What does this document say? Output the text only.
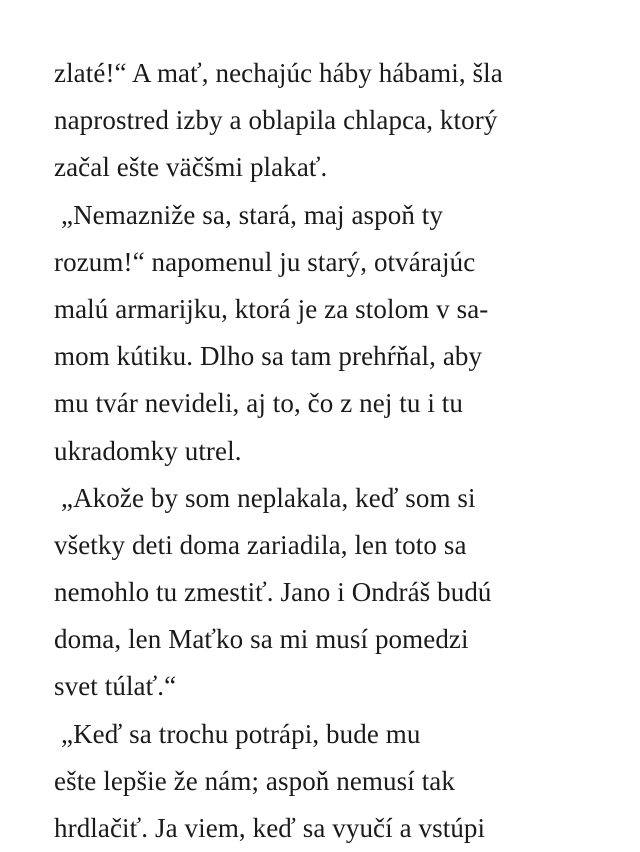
zlaté!“ A mať, nechajúc háby hábami, šla
naprostred izby a oblapila chlapca, ktorý
začal ešte väčšmi plakať.
„Nemazniže sa, stará, maj aspoň ty
rozum!“ napomenul ju starý, otvárajúc
malú armarijku, ktorá je za stolom v sa-
mom kútiku. Dlho sa tam prehŕňal, aby
mu tvár nevideli, aj to, čo z nej tu i tu
ukradomky utrel.
„Akože by som neplakala, keď som si
všetky deti doma zariadila, len toto sa
nemohlo tu zmestiť. Jano i Ondráš budú
doma, len Maťko sa mi musí pomedzi
svet túlať.“
„Keď sa trochu potrápi, bude mu
ešte lepšie že nám; aspoň nemusí tak
hrdlačiť. Ja viem, keď sa vyučí a vstúpi
